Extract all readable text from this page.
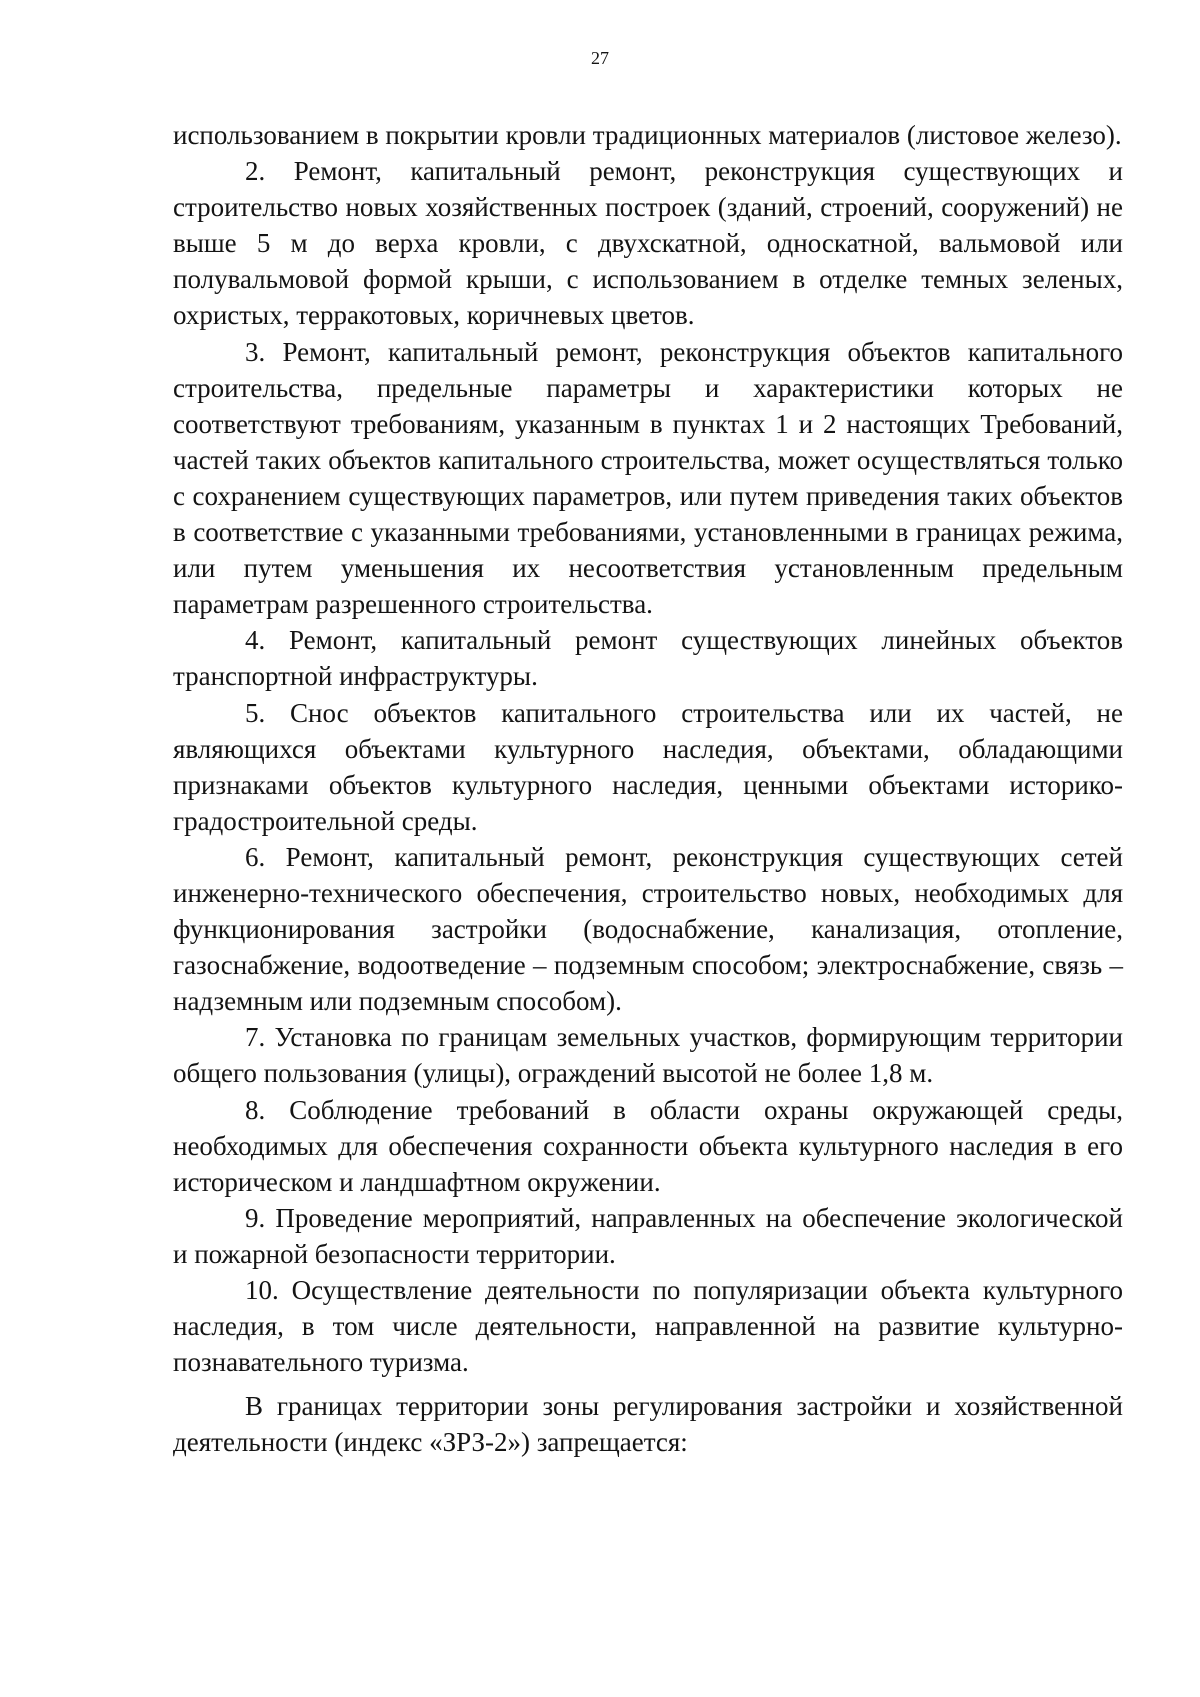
27

использованием в покрытии кровли традиционных материалов (листовое железо).

2. Ремонт, капитальный ремонт, реконструкция существующих и строительство новых хозяйственных построек (зданий, строений, сооружений) не выше 5 м до верха кровли, с двухскатной, односкатной, вальмовой или полувальмовой формой крыши, с использованием в отделке темных зеленых, охристых, терракотовых, коричневых цветов.

3. Ремонт, капитальный ремонт, реконструкция объектов капитального строительства, предельные параметры и характеристики которых не соответствуют требованиям, указанным в пунктах 1 и 2 настоящих Требований, частей таких объектов капитального строительства, может осуществляться только с сохранением существующих параметров, или путем приведения таких объектов в соответствие с указанными требованиями, установленными в границах режима, или путем уменьшения их несоответствия установленным предельным параметрам разрешенного строительства.

4. Ремонт, капитальный ремонт существующих линейных объектов транспортной инфраструктуры.

5. Снос объектов капитального строительства или их частей, не являющихся объектами культурного наследия, объектами, обладающими признаками объектов культурного наследия, ценными объектами историко-градостроительной среды.

6. Ремонт, капитальный ремонт, реконструкция существующих сетей инженерно-технического обеспечения, строительство новых, необходимых для функционирования застройки (водоснабжение, канализация, отопление, газоснабжение, водоотведение – подземным способом; электроснабжение, связь – надземным или подземным способом).

7. Установка по границам земельных участков, формирующим территории общего пользования (улицы), ограждений высотой не более 1,8 м.

8. Соблюдение требований в области охраны окружающей среды, необходимых для обеспечения сохранности объекта культурного наследия в его историческом и ландшафтном окружении.

9. Проведение мероприятий, направленных на обеспечение экологической и пожарной безопасности территории.

10. Осуществление деятельности по популяризации объекта культурного наследия, в том числе деятельности, направленной на развитие культурно-познавательного туризма.

В границах территории зоны регулирования застройки и хозяйственной деятельности (индекс «ЗРЗ-2») запрещается:
